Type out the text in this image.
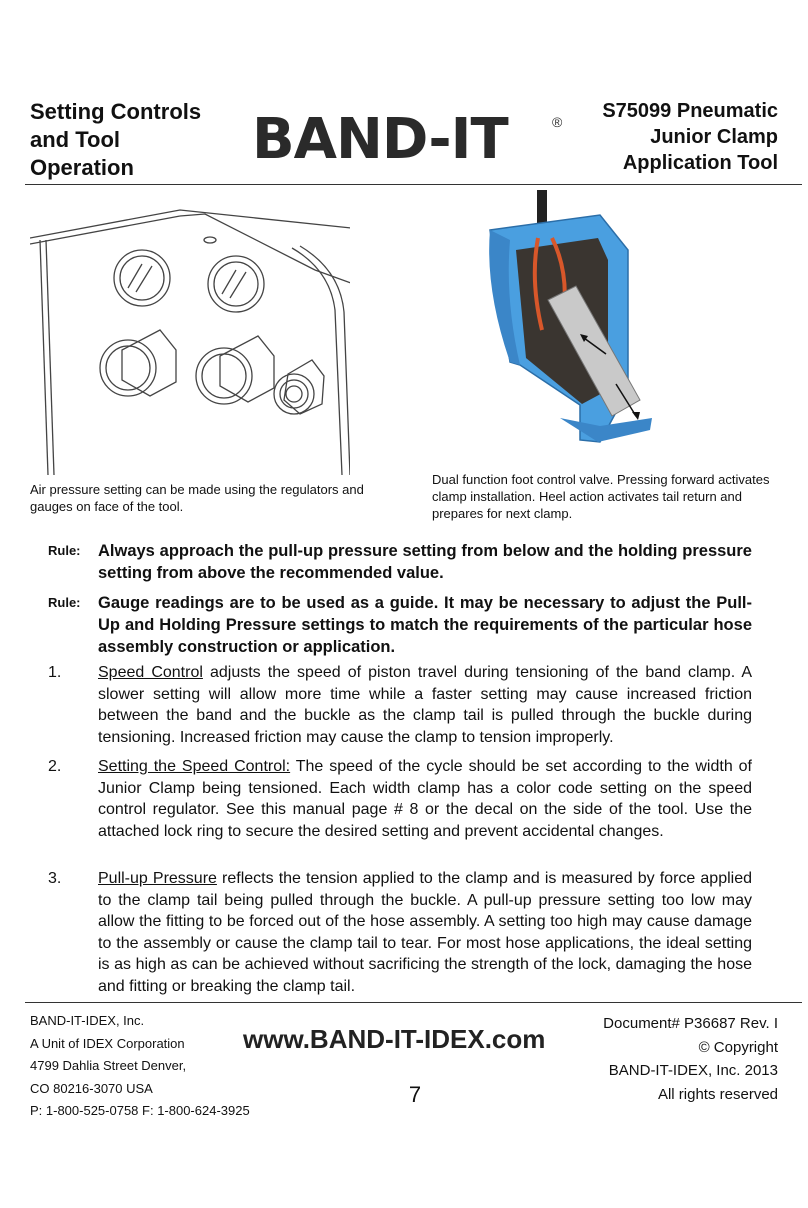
Setting Controls
and Tool
Operation	BAND-IT	®	S75099 Pneumatic
Junior Clamp
Application Tool
Air pressure setting can be made using the regulators and gauges on face of the tool.
Dual function foot control valve. Pressing forward activates clamp installation. Heel action activates tail return and prepares for next clamp.
Rule: Always approach the pull-up pressure setting from below and the holding pressure setting from above the recommended value.
Rule: Gauge readings are to be used as a guide. It may be necessary to adjust the Pull-Up and Holding Pressure settings to match the requirements of the particular hose assembly construction or application.
1. Speed Control adjusts the speed of piston travel during tensioning of the band clamp. A slower setting will allow more time while a faster setting may cause increased friction between the band and the buckle as the clamp tail is pulled through the buckle during tensioning. Increased friction may cause the clamp to tension improperly.
2. Setting the Speed Control: The speed of the cycle should be set according to the width of Junior Clamp being tensioned. Each width clamp has a color code setting on the speed control regulator. See this manual page # 8 or the decal on the side of the tool. Use the attached lock ring to secure the desired setting and prevent accidental changes.
3. Pull-up Pressure reflects the tension applied to the clamp and is measured by force applied to the clamp tail being pulled through the buckle. A pull-up pressure setting too low may allow the fitting to be forced out of the hose assembly. A setting too high may cause damage to the assembly or cause the clamp tail to tear. For most hose applications, the ideal setting is as high as can be achieved without sacrificing the strength of the lock, damaging the hose and fitting or breaking the clamp tail.
BAND-IT-IDEX, Inc.
A Unit of IDEX Corporation
4799 Dahlia Street Denver,
CO 80216-3070 USA
P: 1-800-525-0758 F: 1-800-624-3925
www.BAND-IT-IDEX.com
7
Document# P36687 Rev. I
© Copyright
BAND-IT-IDEX, Inc. 2013
All rights reserved
